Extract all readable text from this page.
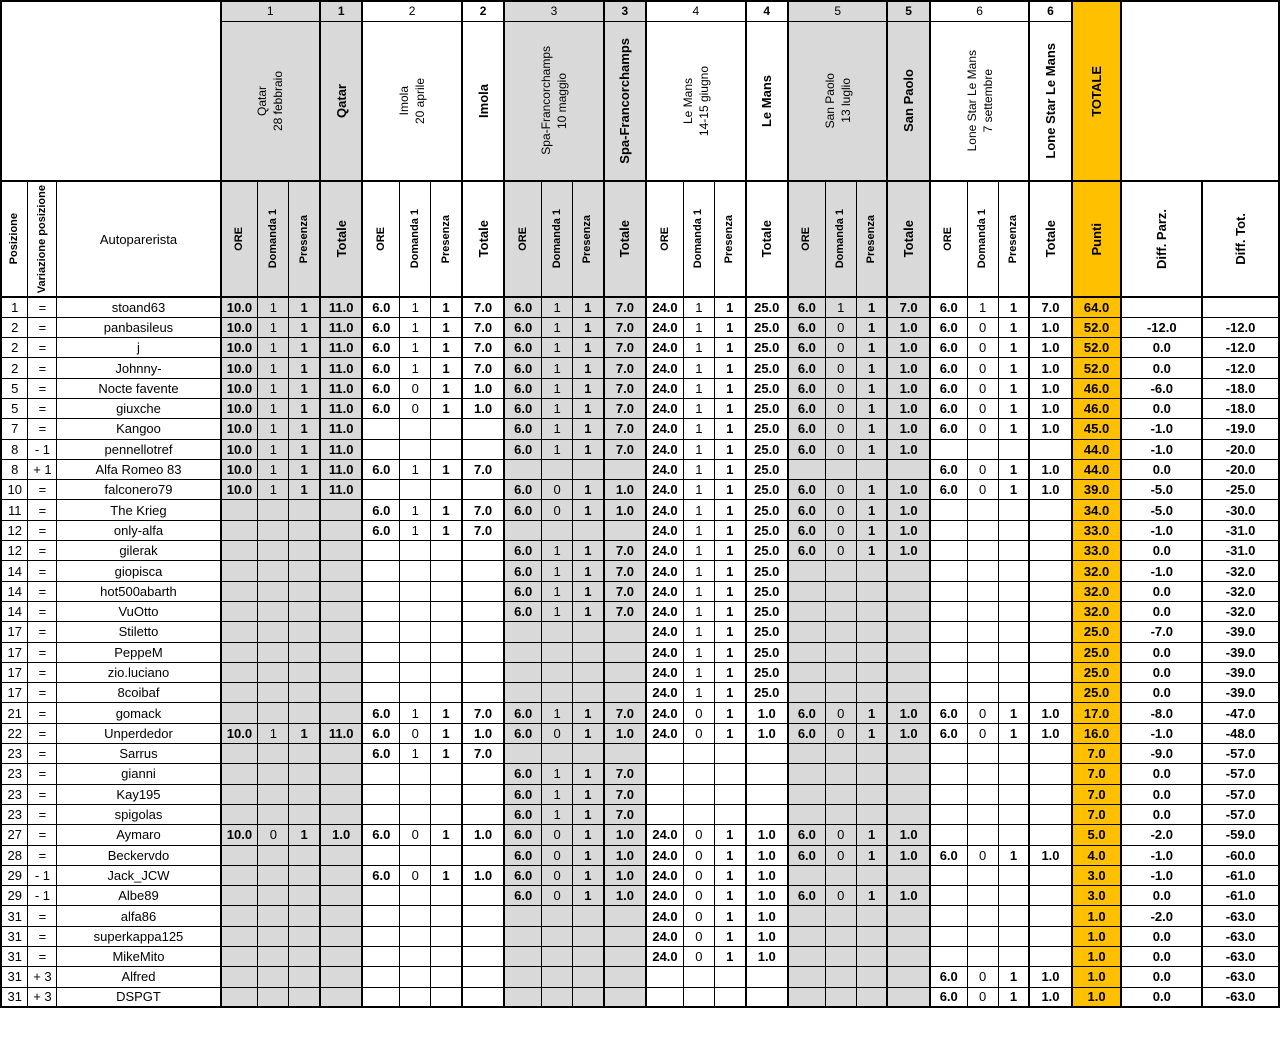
			1			1	2			2	3			3	4			4	5			5	6			6	TOTALE		

			Qatar 28 febbraio			Qatar	Imola 20 aprile			Imola	Spa-Francorchamps 10 maggio			Spa-Francorchamps	Le Mans 14-15 giugno			Le Mans	San Paolo 13 luglio			San Paolo	Lone Star Le Mans 7 settembre			Lone Star Le Mans			

Posizione	Variazione posizione	Autoparerista	ORE	Domanda 1	Presenza	Totale	ORE	Domanda 1	Presenza	Totale	ORE	Domanda 1	Presenza	Totale	ORE	Domanda 1	Presenza	Totale	ORE	Domanda 1	Presenza	Totale	ORE	Domanda 1	Presenza	Totale	Punti	Diff. Parz.	Diff. Tot.

1	=	stoand63	10.0	1	1	11.0	6.0	1	1	7.0	6.0	1	1	7.0	24.0	1	1	25.0	6.0	1	1	7.0	6.0	1	1	7.0	64.0		
2	=	panbasileus	10.0	1	1	11.0	6.0	1	1	7.0	6.0	1	1	7.0	24.0	1	1	25.0	6.0	0	1	1.0	6.0	0	1	1.0	52.0	-12.0	-12.0
2	=	j	10.0	1	1	11.0	6.0	1	1	7.0	6.0	1	1	7.0	24.0	1	1	25.0	6.0	0	1	1.0	6.0	0	1	1.0	52.0	0.0	-12.0
2	=	Johnny-	10.0	1	1	11.0	6.0	1	1	7.0	6.0	1	1	7.0	24.0	1	1	25.0	6.0	0	1	1.0	6.0	0	1	1.0	52.0	0.0	-12.0
5	=	Nocte favente	10.0	1	1	11.0	6.0	0	1	1.0	6.0	1	1	7.0	24.0	1	1	25.0	6.0	0	1	1.0	6.0	0	1	1.0	46.0	-6.0	-18.0
5	=	giuxche	10.0	1	1	11.0	6.0	0	1	1.0	6.0	1	1	7.0	24.0	1	1	25.0	6.0	0	1	1.0	6.0	0	1	1.0	46.0	0.0	-18.0
7	=	Kangoo	10.0	1	1	11.0					6.0	1	1	7.0	24.0	1	1	25.0	6.0	0	1	1.0	6.0	0	1	1.0	45.0	-1.0	-19.0
8	- 1	pennellotref	10.0	1	1	11.0					6.0	1	1	7.0	24.0	1	1	25.0	6.0	0	1	1.0					44.0	-1.0	-20.0
8	+ 1	Alfa Romeo 83	10.0	1	1	11.0	6.0	1	1	7.0					24.0	1	1	25.0					6.0	0	1	1.0	44.0	0.0	-20.0
10	=	falconero79	10.0	1	1	11.0					6.0	0	1	1.0	24.0	1	1	25.0	6.0	0	1	1.0	6.0	0	1	1.0	39.0	-5.0	-25.0
11	=	The Krieg					6.0	1	1	7.0	6.0	0	1	1.0	24.0	1	1	25.0	6.0	0	1	1.0					34.0	-5.0	-30.0
12	=	only-alfa					6.0	1	1	7.0					24.0	1	1	25.0	6.0	0	1	1.0					33.0	-1.0	-31.0
12	=	gilerak									6.0	1	1	7.0	24.0	1	1	25.0	6.0	0	1	1.0					33.0	0.0	-31.0
14	=	giopisca									6.0	1	1	7.0	24.0	1	1	25.0									32.0	-1.0	-32.0
14	=	hot500abarth									6.0	1	1	7.0	24.0	1	1	25.0									32.0	0.0	-32.0
14	=	VuOtto									6.0	1	1	7.0	24.0	1	1	25.0									32.0	0.0	-32.0
17	=	Stiletto													24.0	1	1	25.0									25.0	-7.0	-39.0
17	=	PeppeM													24.0	1	1	25.0									25.0	0.0	-39.0
17	=	zio.luciano													24.0	1	1	25.0									25.0	0.0	-39.0
17	=	8coibaf													24.0	1	1	25.0									25.0	0.0	-39.0
21	=	gomack					6.0	1	1	7.0	6.0	1	1	7.0	24.0	0	1	1.0	6.0	0	1	1.0	6.0	0	1	1.0	17.0	-8.0	-47.0
22	=	Unperdedor	10.0	1	1	11.0	6.0	0	1	1.0	6.0	0	1	1.0	24.0	0	1	1.0	6.0	0	1	1.0	6.0	0	1	1.0	16.0	-1.0	-48.0
23	=	Sarrus					6.0	1	1	7.0																	7.0	-9.0	-57.0
23	=	gianni									6.0	1	1	7.0													7.0	0.0	-57.0
23	=	Kay195									6.0	1	1	7.0													7.0	0.0	-57.0
23	=	spigolas									6.0	1	1	7.0													7.0	0.0	-57.0
27	=	Aymaro	10.0	0	1	1.0	6.0	0	1	1.0	6.0	0	1	1.0	24.0	0	1	1.0	6.0	0	1	1.0					5.0	-2.0	-59.0
28	=	Beckervdo									6.0	0	1	1.0	24.0	0	1	1.0	6.0	0	1	1.0	6.0	0	1	1.0	4.0	-1.0	-60.0
29	- 1	Jack_JCW					6.0	0	1	1.0	6.0	0	1	1.0	24.0	0	1	1.0									3.0	-1.0	-61.0
29	- 1	Albe89									6.0	0	1	1.0	24.0	0	1	1.0	6.0	0	1	1.0					3.0	0.0	-61.0
31	=	alfa86													24.0	0	1	1.0									1.0	-2.0	-63.0
31	=	superkappa125													24.0	0	1	1.0									1.0	0.0	-63.0
31	=	MikeMito													24.0	0	1	1.0									1.0	0.0	-63.0
31	+ 3	Alfred																					6.0	0	1	1.0	1.0	0.0	-63.0
31	+ 3	DSPGT																					6.0	0	1	1.0	1.0	0.0	-63.0
